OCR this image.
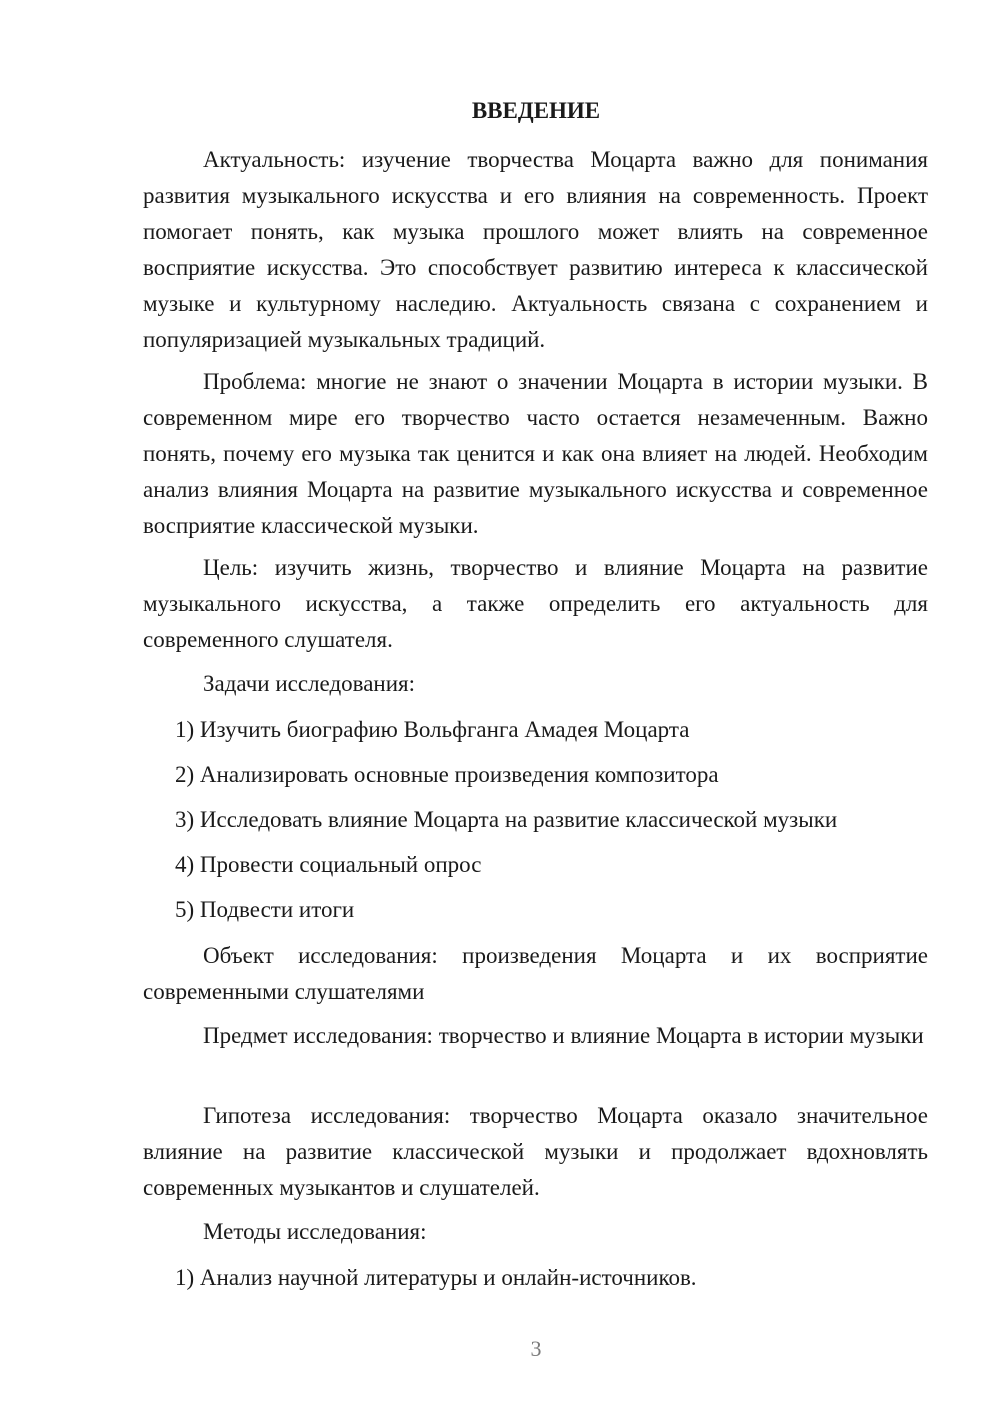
ВВЕДЕНИЕ
Актуальность: изучение творчества Моцарта важно для понимания развития музыкального искусства и его влияния на современность. Проект помогает понять, как музыка прошлого может влиять на современное восприятие искусства. Это способствует развитию интереса к классической музыке и культурному наследию. Актуальность связана с сохранением и популяризацией музыкальных традиций.
Проблема: многие не знают о значении Моцарта в истории музыки. В современном мире его творчество часто остается незамеченным. Важно понять, почему его музыка так ценится и как она влияет на людей. Необходим анализ влияния Моцарта на развитие музыкального искусства и современное восприятие классической музыки.
Цель: изучить жизнь, творчество и влияние Моцарта на развитие музыкального искусства, а также определить его актуальность для современного слушателя.
Задачи исследования:
1) Изучить биографию Вольфганга Амадея Моцарта
2) Анализировать основные произведения композитора
3) Исследовать влияние Моцарта на развитие классической музыки
4) Провести социальный опрос
5) Подвести итоги
Объект исследования: произведения Моцарта и их восприятие современными слушателями
Предмет исследования: творчество и влияние Моцарта в истории музыки
Гипотеза исследования: творчество Моцарта оказало значительное влияние на развитие классической музыки и продолжает вдохновлять современных музыкантов и слушателей.
Методы исследования:
1) Анализ научной литературы и онлайн-источников.
3
